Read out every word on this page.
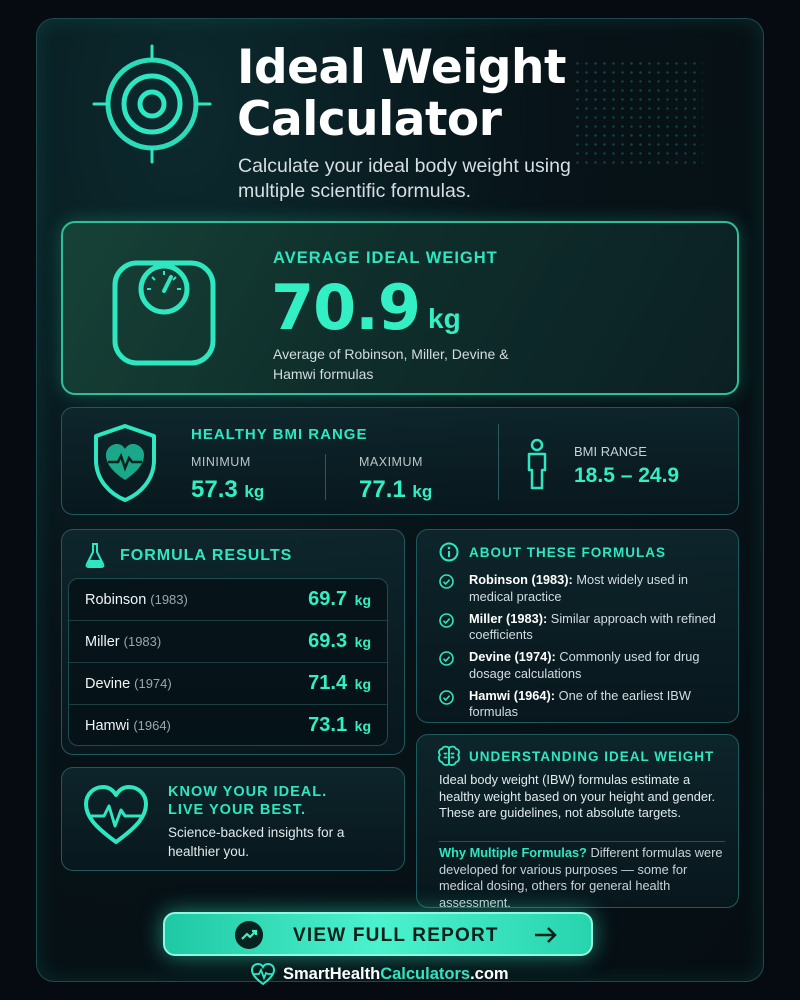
Ideal Weight
Calculator
Calculate your ideal body weight using multiple scientific formulas.
AVERAGE IDEAL WEIGHT
70.9 kg
Average of Robinson, Miller, Devine & Hamwi formulas
HEALTHY BMI RANGE
MINIMUM
57.3 kg
MAXIMUM
77.1 kg
BMI RANGE
18.5 – 24.9
FORMULA RESULTS
Robinson (1983)	69.7 kg
Miller (1983)	69.3 kg
Devine (1974)	71.4 kg
Hamwi (1964)	73.1 kg
KNOW YOUR IDEAL.
LIVE YOUR BEST.
Science-backed insights for a healthier you.
ABOUT THESE FORMULAS
Robinson (1983): Most widely used in medical practice
Miller (1983): Similar approach with refined coefficients
Devine (1974): Commonly used for drug dosage calculations
Hamwi (1964): One of the earliest IBW formulas
UNDERSTANDING IDEAL WEIGHT
Ideal body weight (IBW) formulas estimate a healthy weight based on your height and gender. These are guidelines, not absolute targets.
Why Multiple Formulas? Different formulas were developed for various purposes — some for medical dosing, others for general health assessment.
VIEW FULL REPORT
SmartHealthCalculators.com
